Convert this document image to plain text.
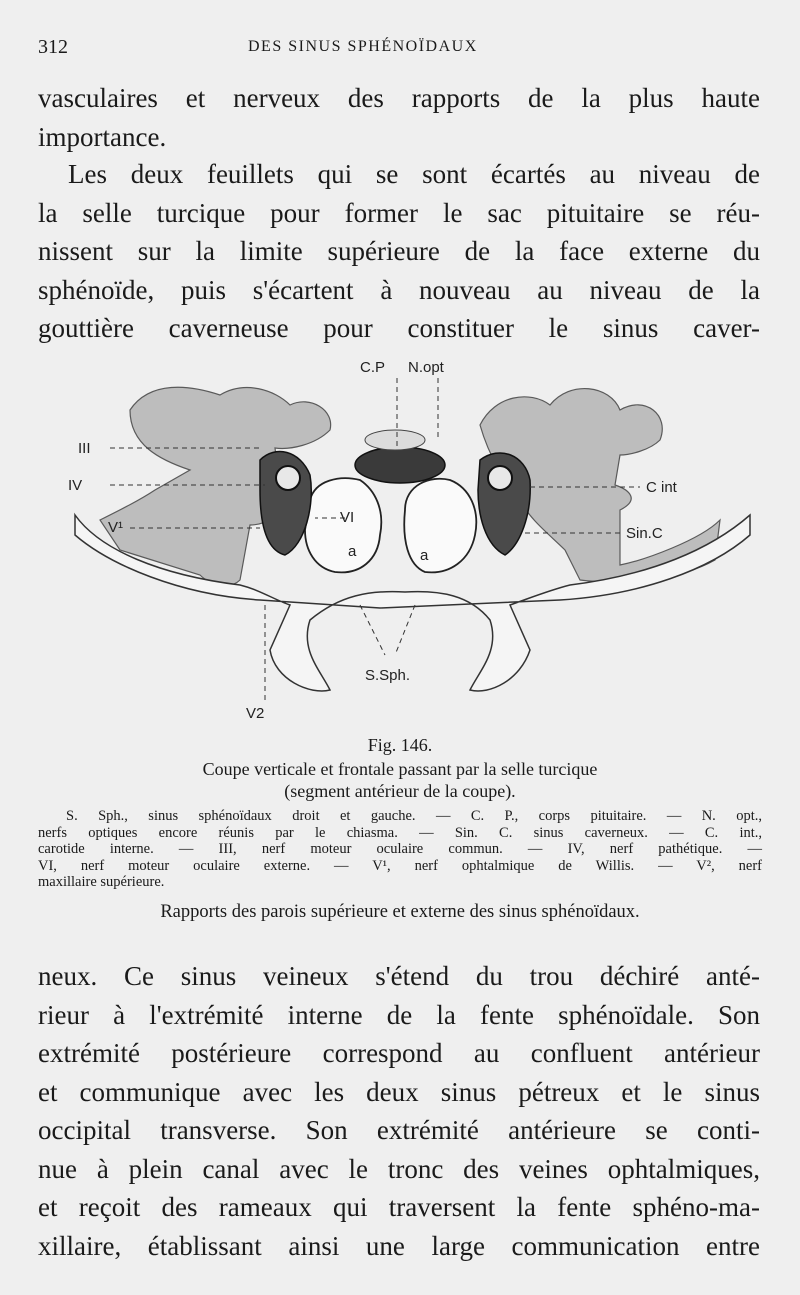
312	DES SINUS SPHÉNOÏDAUX
vasculaires et nerveux des rapports de la plus haute
importance.
Les deux feuillets qui se sont écartés au niveau de
la selle turcique pour former le sac pituitaire se réu-
nissent sur la limite supérieure de la face externe du
sphénoïde, puis s'écartent à nouveau au niveau de la
gouttière caverneuse pour constituer le sinus caver-
C.P N.opt
III
IV
V¹
VI
C int
Sin.C
a	a
S.Sph.
V2
Fig. 146.
Coupe verticale et frontale passant par la selle turcique
(segment antérieur de la coupe).
S. Sph., sinus sphénoïdaux droit et gauche. — C. P., corps pituitaire. — N. opt.,
nerfs optiques encore réunis par le chiasma. — Sin. C. sinus caverneux. — C. int.,
carotide interne. — III, nerf moteur oculaire commun. — IV, nerf pathétique. —
VI, nerf moteur oculaire externe. — V¹, nerf ophtalmique de Willis. — V², nerf
maxillaire supérieure.
Rapports des parois supérieure et externe des sinus sphénoïdaux.
neux. Ce sinus veineux s'étend du trou déchiré anté-
rieur à l'extrémité interne de la fente sphénoïdale. Son
extrémité postérieure correspond au confluent antérieur
et communique avec les deux sinus pétreux et le sinus
occipital transverse. Son extrémité antérieure se conti-
nue à plein canal avec le tronc des veines ophtalmiques,
et reçoit des rameaux qui traversent la fente sphéno-ma-
xillaire, établissant ainsi une large communication entre
